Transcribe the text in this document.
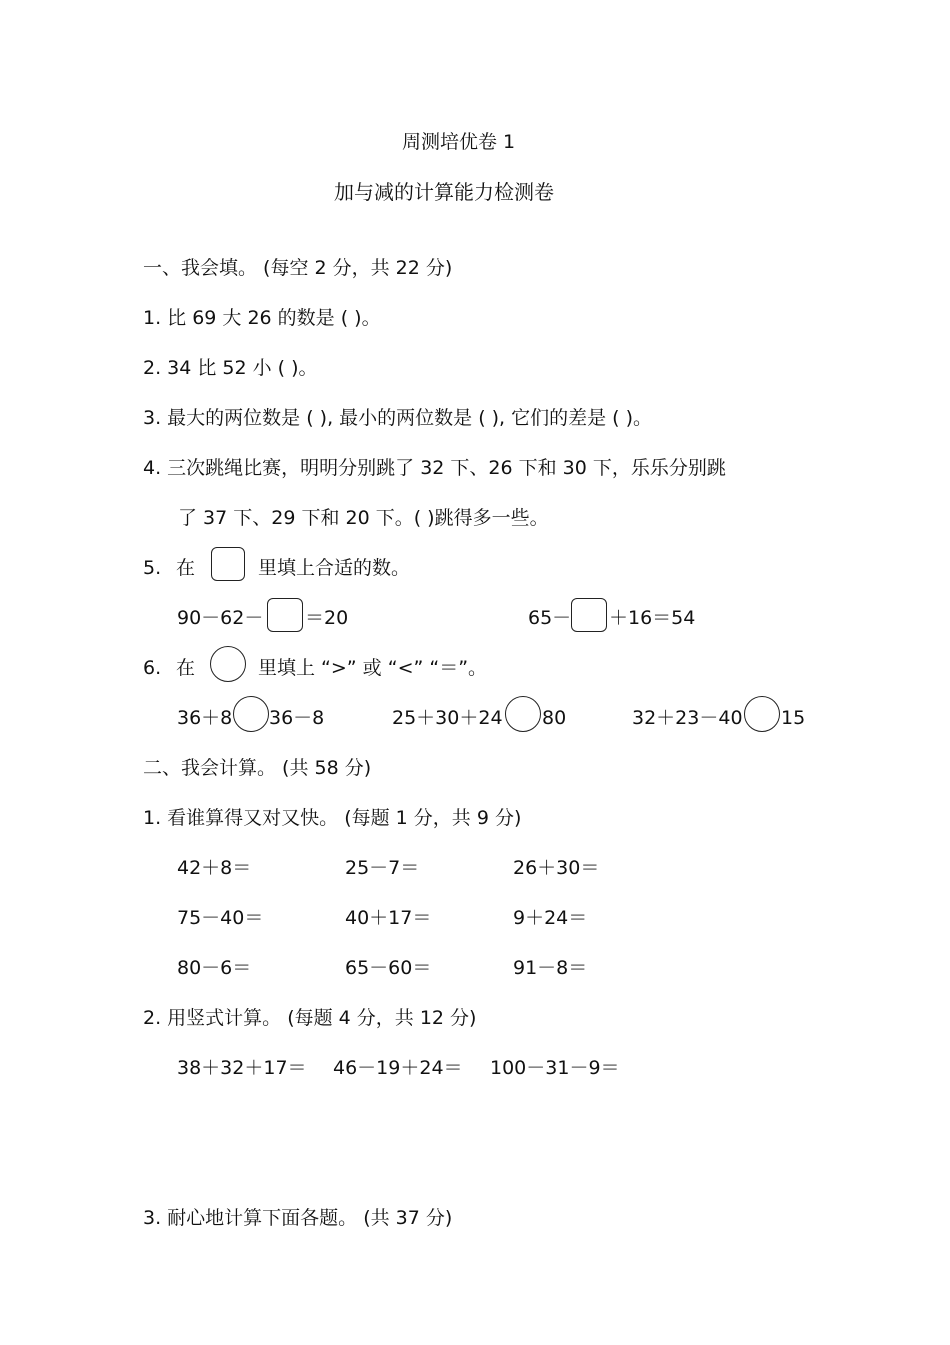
周测培优卷 1
加与减的计算能力检测卷
一、我会填。 (每空 2 分，共 22 分)
1. 比 69 大 26 的数是 ( )。
2. 34 比 52 小 ( )。
3. 最大的两位数是 ( ), 最小的两位数是 ( ), 它们的差是 ( )。
4. 三次跳绳比赛，明明分别跳了 32 下、26 下和 30 下，乐乐分别跳
了 37 下、29 下和 20 下。( )跳得多一些。
5. 在	里填上合适的数。
90－62－ ＝20	65－ ＋16＝54
6. 在	里填上 “>” 或 “<” “＝”。
36＋8 36－8	25＋30＋24 80	32＋23－40 15
二、我会计算。 (共 58 分)
1. 看谁算得又对又快。 (每题 1 分，共 9 分)
42＋8＝	25－7＝	26＋30＝
75－40＝	40＋17＝	9＋24＝
80－6＝	65－60＝	91－8＝
2. 用竖式计算。 (每题 4 分，共 12 分)
38＋32＋17＝ 46－19＋24＝ 100－31－9＝
3. 耐心地计算下面各题。 (共 37 分)
